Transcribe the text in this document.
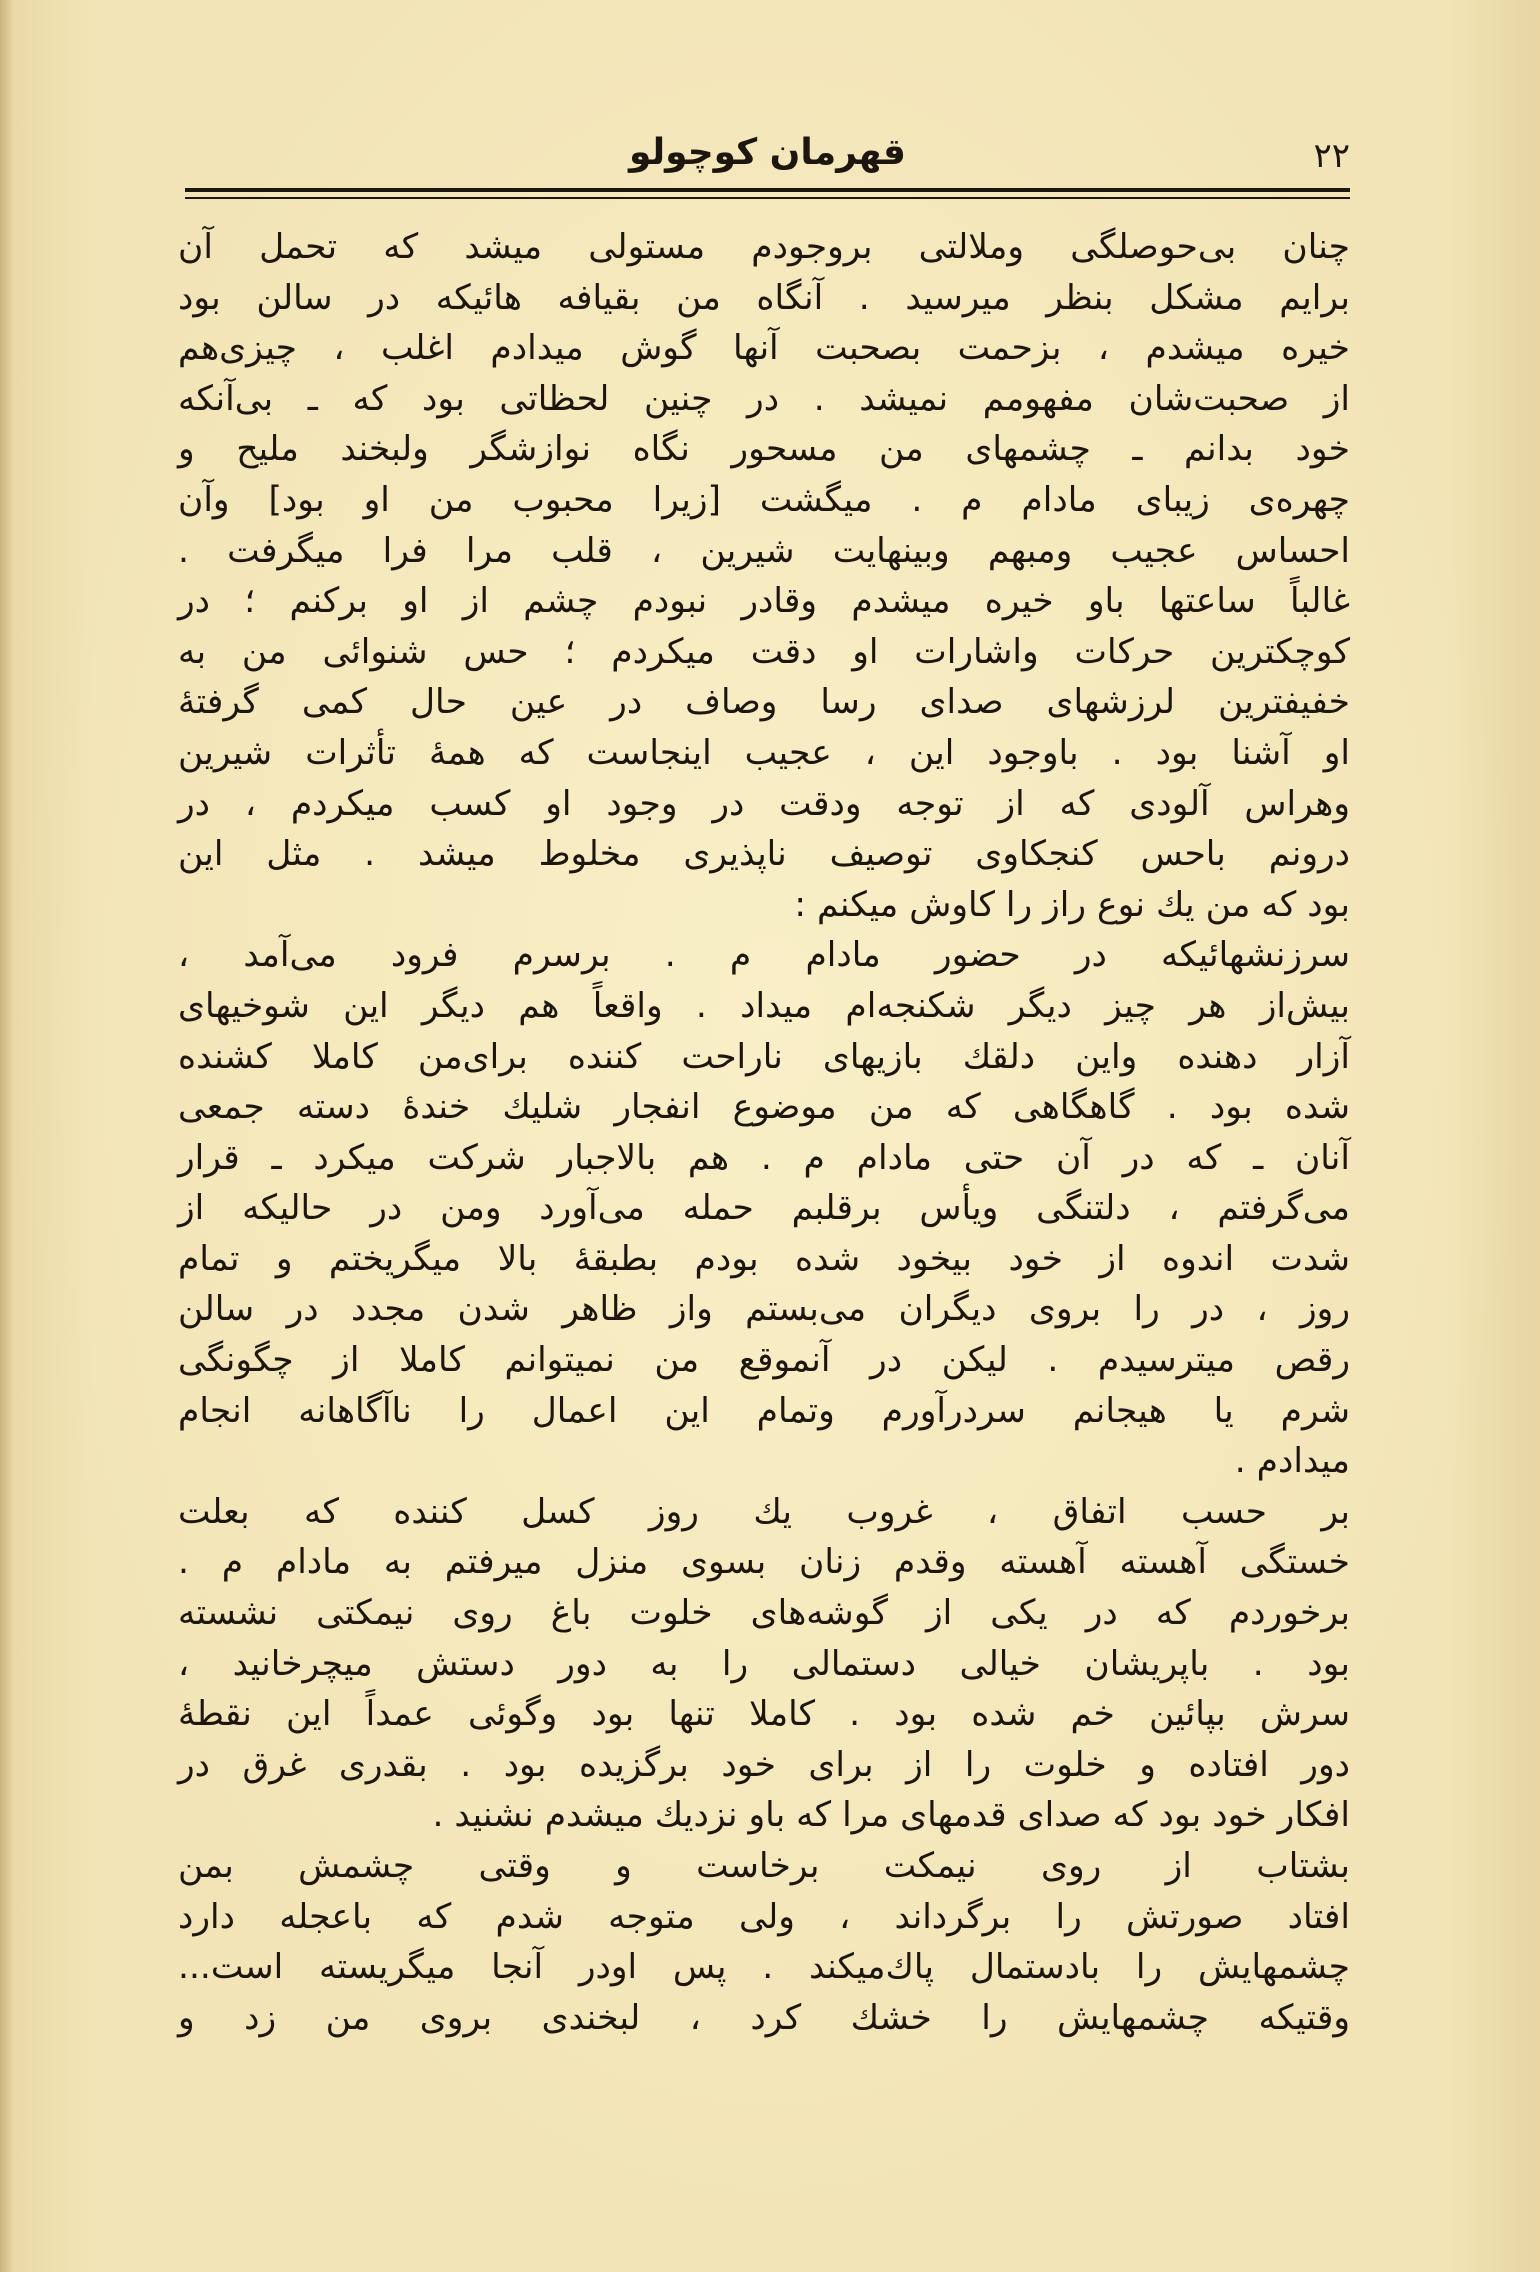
٢٢
قهرمان کوچولو
چنان بی‌حوصلگی وملالتی بروجودم مستولی میشد که تحمل آن
برایم مشکل بنظر میرسید . آنگاه من بقیافه هائیکه در سالن بود
خیره میشدم ، بزحمت بصحبت آنها گوش میدادم اغلب ، چیزی‌هم
از صحبت‌شان مفهومم نمیشد . در چنین لحظاتی بود که ـ بی‌آنکه
خود بدانم ـ چشمهای من مسحور نگاه نوازشگر ولبخند ملیح و
چهره‌ی زیبای مادام م . میگشت [زیرا محبوب من او بود] وآن
احساس عجیب ومبهم وبینهایت شیرین ، قلب مرا فرا میگرفت .
غالباً ساعتها باو خیره میشدم وقادر نبودم چشم از او برکنم ؛ در
کوچکترین حرکات واشارات او دقت میکردم ؛ حس شنوائی من به
خفیفترین لرزشهای صدای رسا وصاف در عین حال کمی گرفتهٔ
او آشنا بود . باوجود این ، عجیب اینجاست که همهٔ تأثرات شیرین
وهراس آلودی که از توجه ودقت در وجود او کسب میکردم ، در
درونم باحس کنجکاوی توصیف ناپذیری مخلوط میشد . مثل این
بود که من یك نوع راز را کاوش میکنم :
سرزنشهائیکه در حضور مادام م . برسرم فرود می‌آمد ،
بیش‌از هر چیز دیگر شکنجه‌ام میداد . واقعاً هم دیگر این شوخیهای
آزار دهنده واین دلقك بازیهای ناراحت کننده برای‌من کاملا کشنده
شده بود . گاهگاهی که من موضوع انفجار شلیك خندهٔ دسته جمعی
آنان ـ که در آن حتی مادام م . هم بالاجبار شرکت میکرد ـ قرار
می‌گرفتم ، دلتنگی ویأس برقلبم حمله می‌آورد ومن در حالیکه از
شدت اندوه از خود بیخود شده بودم بطبقهٔ بالا میگریختم و تمام
روز ، در را بروی دیگران می‌بستم واز ظاهر شدن مجدد در سالن
رقص میترسیدم . لیکن در آنموقع من نمیتوانم کاملا از چگونگی
شرم یا هیجانم سردرآورم وتمام این اعمال را ناآگاهانه انجام
میدادم .
بر حسب اتفاق ، غروب یك روز کسل کننده که بعلت
خستگی آهسته آهسته وقدم زنان بسوی منزل میرفتم به مادام م .
برخوردم که در یکی از گوشه‌های خلوت باغ روی نیمکتی نشسته
بود . باپریشان خیالی دستمالی را به دور دستش میچرخانید ،
سرش بپائین خم شده بود . کاملا تنها بود وگوئی عمداً این نقطهٔ
دور افتاده و خلوت را از برای خود برگزیده بود . بقدری غرق در
افکار خود بود که صدای قدمهای مرا که باو نزدیك میشدم نشنید .
بشتاب از روی نیمکت برخاست و وقتی چشمش بمن
افتاد صورتش را برگرداند ، ولی متوجه شدم که باعجله دارد
چشمهایش را بادستمال پاك‌میکند . پس اودر آنجا میگریسته است...
وقتیکه چشمهایش را خشك کرد ، لبخندی بروی من زد و
